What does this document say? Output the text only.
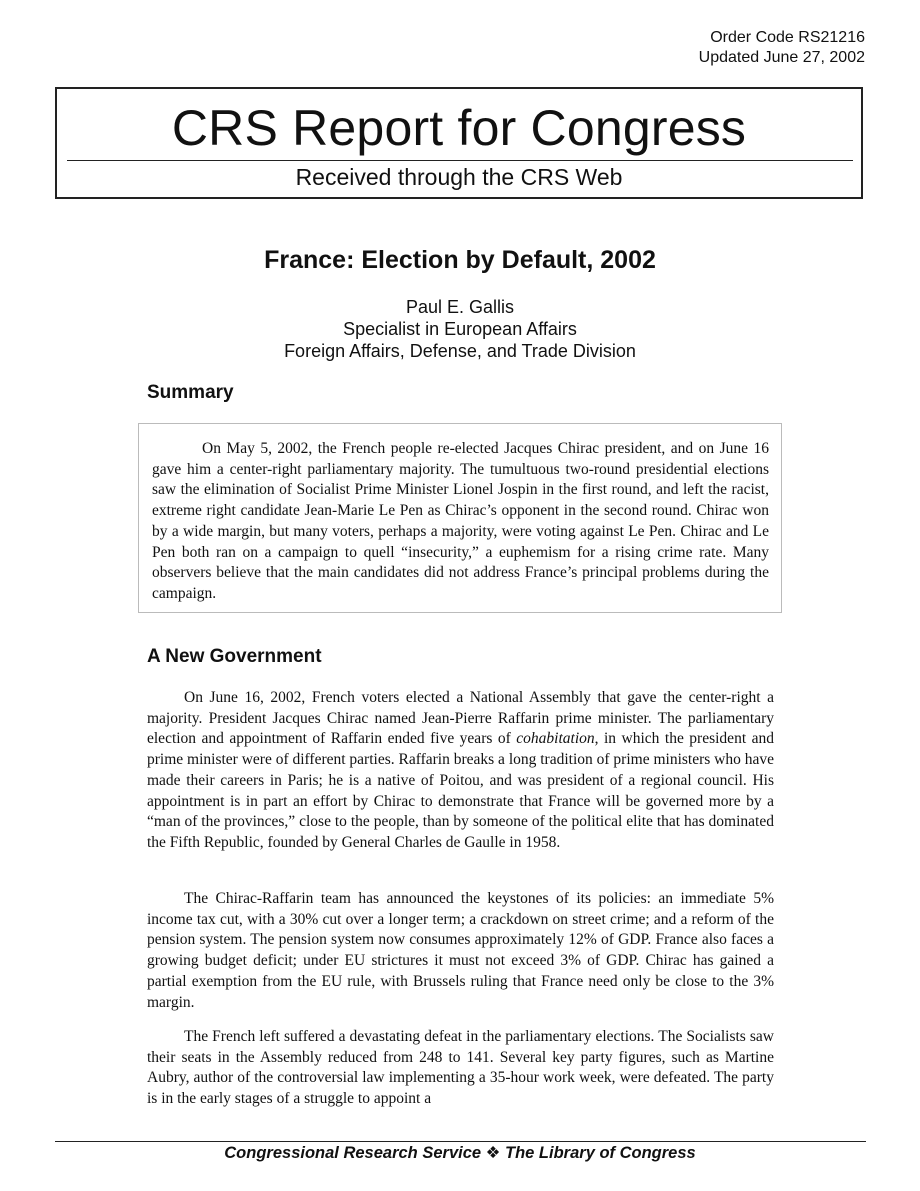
Order Code RS21216
Updated June 27, 2002
CRS Report for Congress
Received through the CRS Web
France: Election by Default, 2002
Paul E. Gallis
Specialist in European Affairs
Foreign Affairs, Defense, and Trade Division
Summary

On May 5, 2002, the French people re-elected Jacques Chirac president, and on June 16 gave him a center-right parliamentary majority. The tumultuous two-round presidential elections saw the elimination of Socialist Prime Minister Lionel Jospin in the first round, and left the racist, extreme right candidate Jean-Marie Le Pen as Chirac’s opponent in the second round. Chirac won by a wide margin, but many voters, perhaps a majority, were voting against Le Pen. Chirac and Le Pen both ran on a campaign to quell “insecurity,” a euphemism for a rising crime rate. Many observers believe that the main candidates did not address France’s principal problems during the campaign.

A New Government

On June 16, 2002, French voters elected a National Assembly that gave the center-right a majority. President Jacques Chirac named Jean-Pierre Raffarin prime minister. The parliamentary election and appointment of Raffarin ended five years of cohabitation, in which the president and prime minister were of different parties. Raffarin breaks a long tradition of prime ministers who have made their careers in Paris; he is a native of Poitou, and was president of a regional council. His appointment is in part an effort by Chirac to demonstrate that France will be governed more by a “man of the provinces,” close to the people, than by someone of the political elite that has dominated the Fifth Republic, founded by General Charles de Gaulle in 1958.

The Chirac-Raffarin team has announced the keystones of its policies: an immediate 5% income tax cut, with a 30% cut over a longer term; a crackdown on street crime; and a reform of the pension system. The pension system now consumes approximately 12% of GDP. France also faces a growing budget deficit; under EU strictures it must not exceed 3% of GDP. Chirac has gained a partial exemption from the EU rule, with Brussels ruling that France need only be close to the 3% margin.

The French left suffered a devastating defeat in the parliamentary elections. The Socialists saw their seats in the Assembly reduced from 248 to 141. Several key party figures, such as Martine Aubry, author of the controversial law implementing a 35-hour work week, were defeated. The party is in the early stages of a struggle to appoint a

Congressional Research Service ❖ The Library of Congress
